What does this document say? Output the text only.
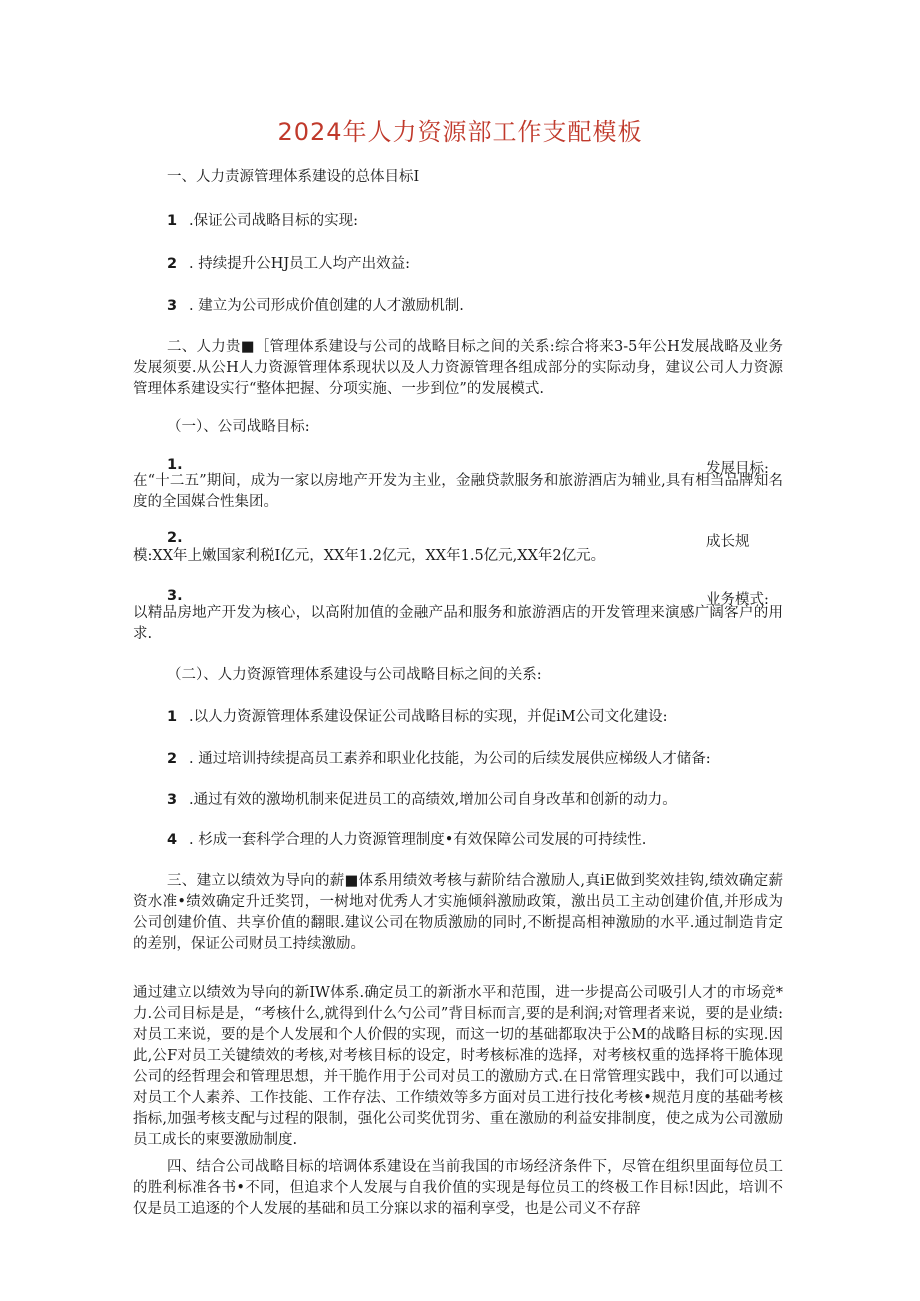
2024年人力资源部工作支配模板

一、人力责源管理体系建设的总体目标I

1 .保证公司战略目标的实现:

2 . 持续提升公HJ员工人均产出效益:

3 . 建立为公司形成价值创建的人才激励机制.

二、人力贵■［管理体系建设与公司的战略目标之间的关系:综合将来3-5年公H发展战略及业务发展须要.从公H人力资源管理体系现状以及人力资源管理各组成部分的实际动身，建议公司人力资源管理体系建设实行“整体把握、分项实施、一步到位”的发展模式.

（一）、公司战略目标:

1.	发展目标:

在“十二五”期间，成为一家以房地产开发为主业，金融贷款服务和旅游酒店为辅业,具有相当品牌知名度的全国媒合性集团。

2.	成长规

模:XX年上嫩国家利税I亿元，XX年1.2亿元，XX年1.5亿元,XX年2亿元。

3.	业务模式:

以精品房地产开发为核心，以高附加值的金融产品和服务和旅游酒店的开发管理来演感广阔客户的用求.

（二）、人力资源管理体系建设与公司战略目标之间的关系:

1 .以人力资源管理体系建设保证公司战略目标的实现，并促iM公司文化建设:

2 . 通过培训持续提高员工素养和职业化技能，为公司的后续发展供应梯级人才储备:

3 .通过有效的激坳机制来促进员工的高绩效,增加公司自身改革和创新的动力。

4 . 杉成一套科学合理的人力资源管理制度•有效保障公司发展的可持续性.

三、建立以绩效为导向的薪■体系用绩效考核与薪阶结合激励人,真iE做到奖效挂钩,绩效确定薪资水准•绩效确定升迁奖罚，一树地对优秀人才实施倾斜激励政策，激出员工主动创建价值,并形成为公司创建价值、共享价值的翻眼.建议公司在物质激励的同时,不断提高相神激励的水平.通过制造肯定的差别，保证公司财员工持续激励。

通过建立以绩效为导向的新IW体系.确定员工的新浙水平和范围，进一步提高公司吸引人才的市场竞*力.公司目标是是，“考核什么,就得到什么勺公司”背目标而言,要的是利润;对管理者来说，要的是业绩:对员工来说，要的是个人发展和个人价假的实现，而这一切的基础都取决于公M的战略目标的实现.因此,公F对员工关键绩效的考核,对考核目标的设定，时考核标准的选择，对考核权重的选择将干脆体现公司的经哲理会和管理思想，并干脆作用于公司对员工的激励方式.在日常管理实践中，我们可以通过对员工个人素养、工作技能、工作存法、工作绩效等多方面对员工进行技化考核•规范月度的基础考核指标,加强考核支配与过程的限制，强化公司奖优罚劣、重在激励的利益安排制度，使之成为公司激励员工成长的柬要激励制度.

四、结合公司战略目标的培调体系建设在当前我国的市场经济条件下，尽管在组织里面每位员工的胜利标准各书•不同，但追求个人发展与自我价值的实现是每位员工的终极工作目标!因此，培训不仅是员工追逐的个人发展的基础和员工分寐以求的福利享受，也是公司义不存辞
